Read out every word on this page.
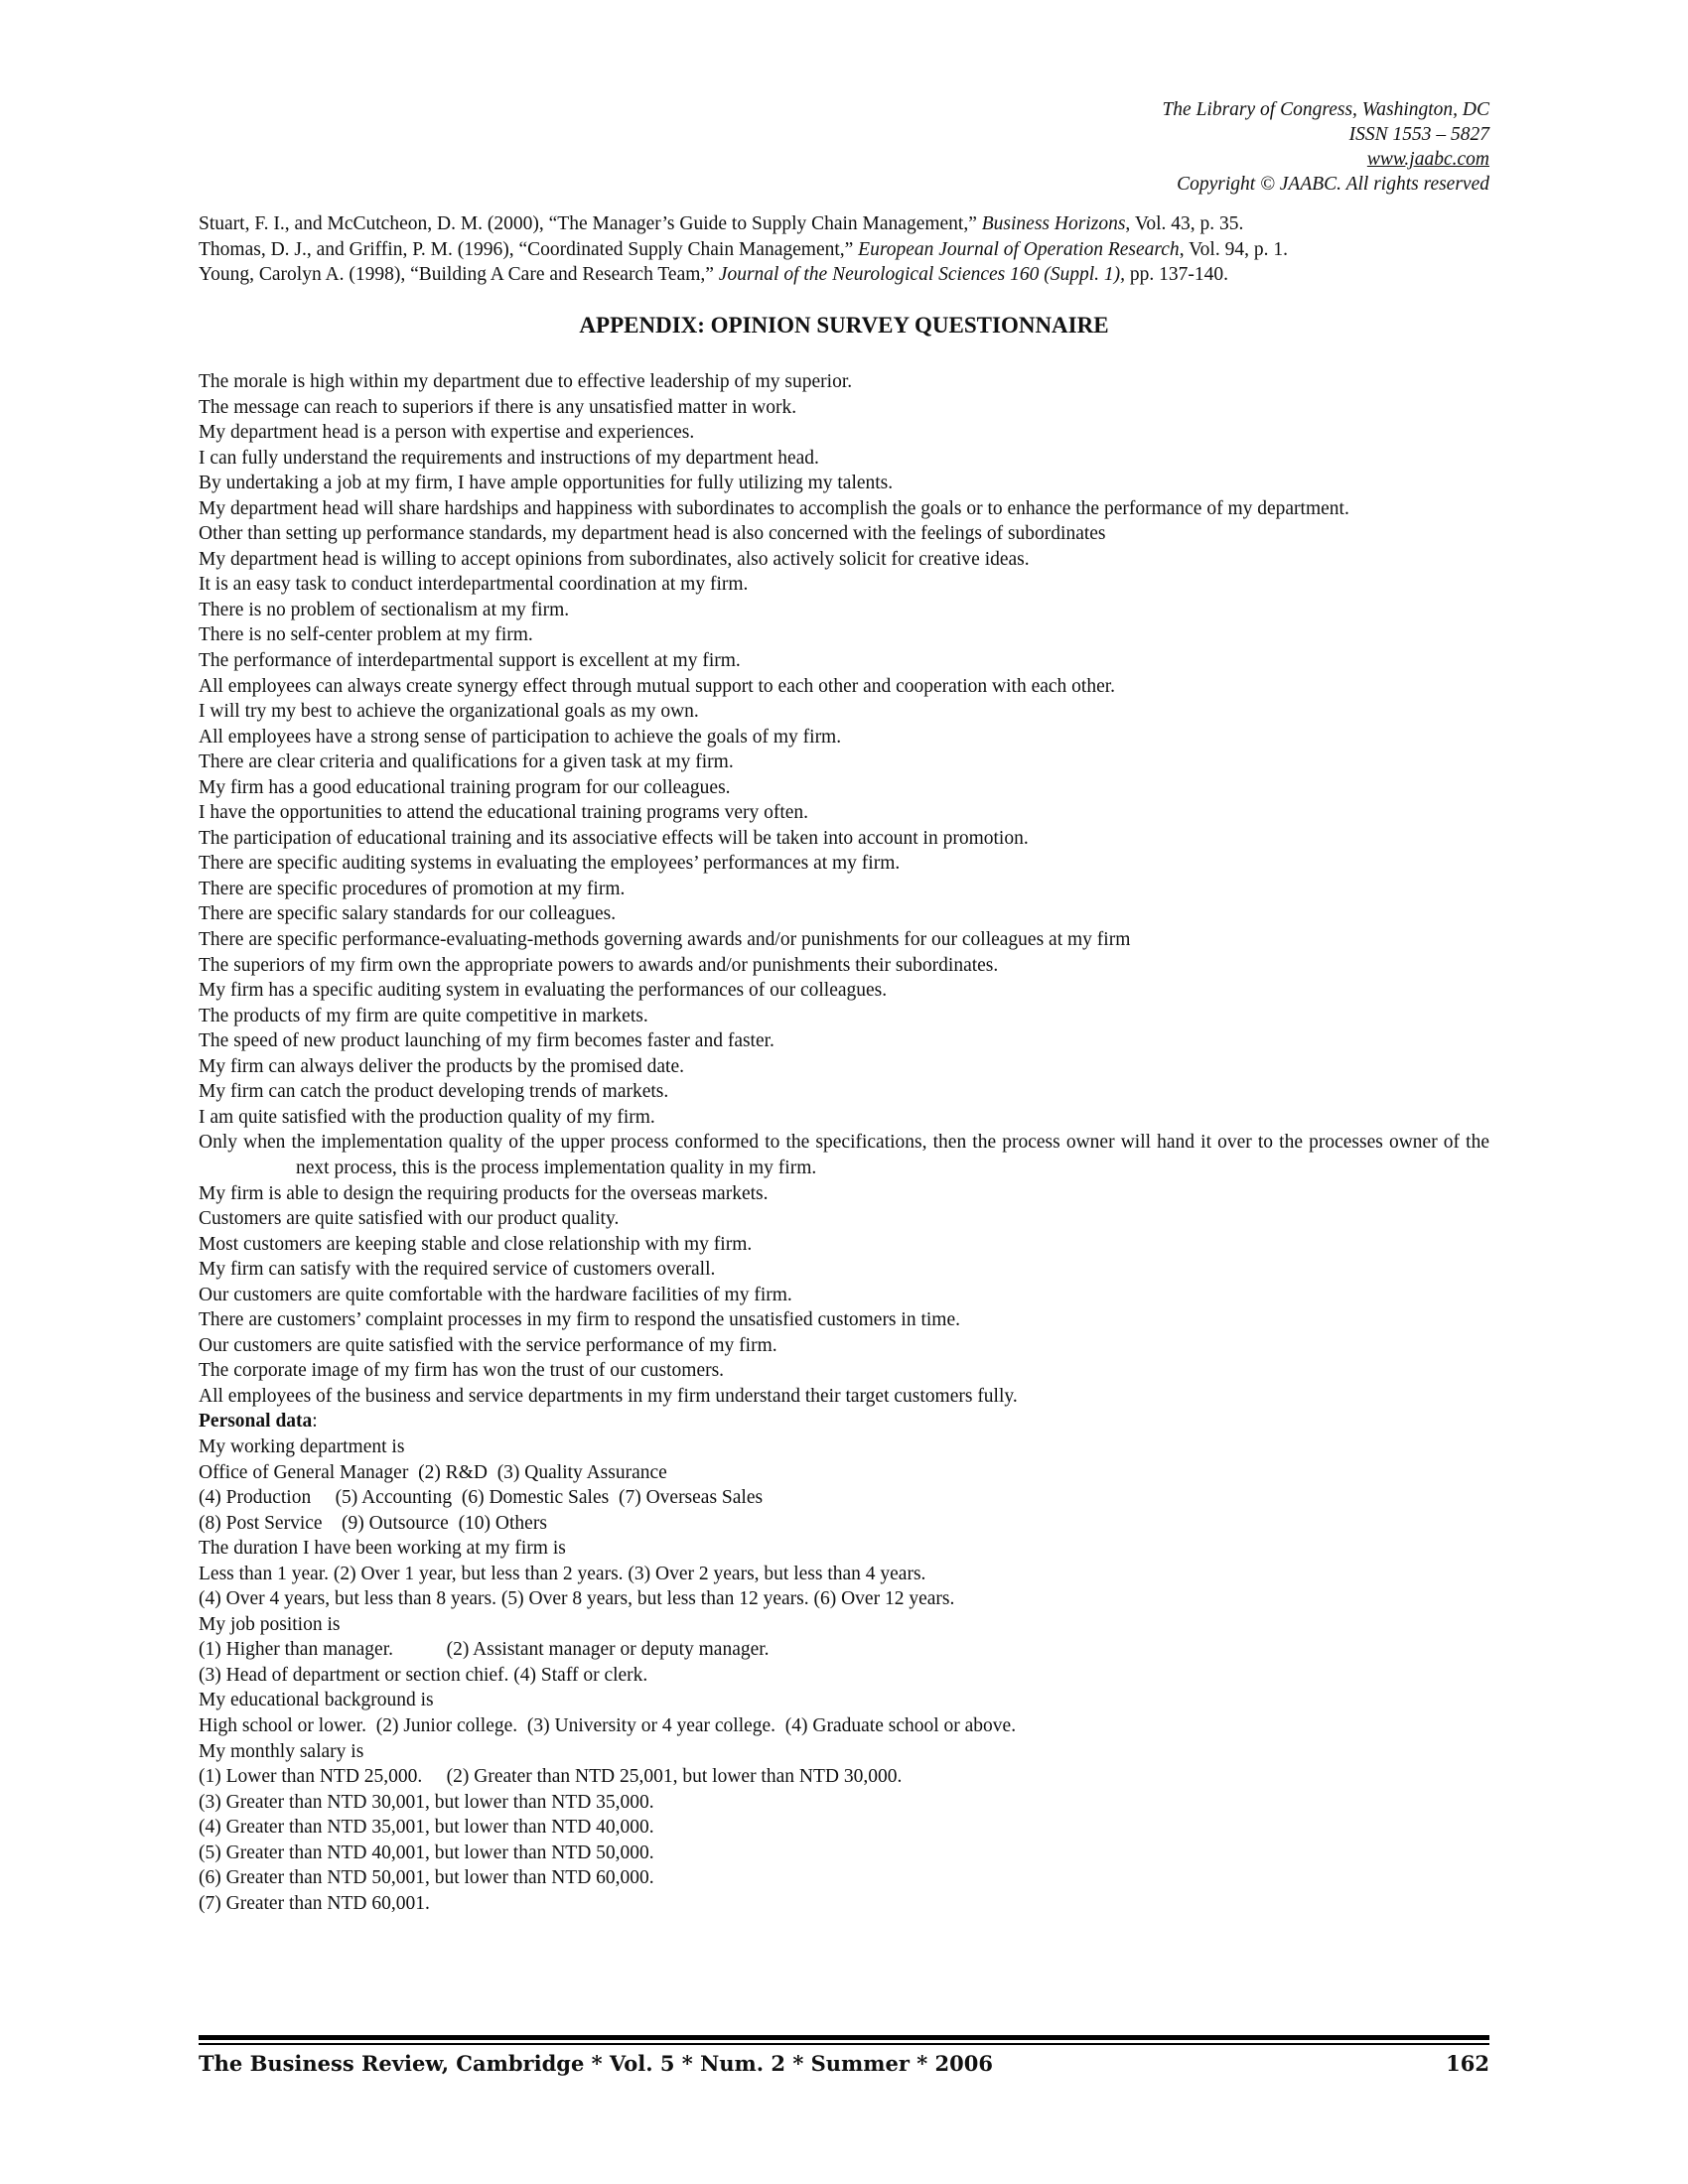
The Library of Congress, Washington, DC
ISSN 1553 – 5827
www.jaabc.com
Copyright © JAABC. All rights reserved

Stuart, F. I., and McCutcheon, D. M. (2000), “The Manager’s Guide to Supply Chain Management,” Business Horizons, Vol. 43, p. 35.

Thomas, D. J., and Griffin, P. M. (1996), “Coordinated Supply Chain Management,” European Journal of Operation Research, Vol. 94, p. 1.

Young, Carolyn A. (1998), “Building A Care and Research Team,” Journal of the Neurological Sciences 160 (Suppl. 1), pp. 137-140.

APPENDIX: OPINION SURVEY QUESTIONNAIRE

The morale is high within my department due to effective leadership of my superior.

The message can reach to superiors if there is any unsatisfied matter in work.

My department head is a person with expertise and experiences.

I can fully understand the requirements and instructions of my department head.

By undertaking a job at my firm, I have ample opportunities for fully utilizing my talents.

My department head will share hardships and happiness with subordinates to accomplish the goals or to enhance the performance of my department.

Other than setting up performance standards, my department head is also concerned with the feelings of subordinates

My department head is willing to accept opinions from subordinates, also actively solicit for creative ideas.

It is an easy task to conduct interdepartmental coordination at my firm.

There is no problem of sectionalism at my firm.

There is no self-center problem at my firm.

The performance of interdepartmental support is excellent at my firm.

All employees can always create synergy effect through mutual support to each other and cooperation with each other.

I will try my best to achieve the organizational goals as my own.

All employees have a strong sense of participation to achieve the goals of my firm.

There are clear criteria and qualifications for a given task at my firm.

My firm has a good educational training program for our colleagues.

I have the opportunities to attend the educational training programs very often.

The participation of educational training and its associative effects will be taken into account in promotion.

There are specific auditing systems in evaluating the employees’ performances at my firm.

There are specific procedures of promotion at my firm.

There are specific salary standards for our colleagues.

There are specific performance-evaluating-methods governing awards and/or punishments for our colleagues at my firm

The superiors of my firm own the appropriate powers to awards and/or punishments their subordinates.

My firm has a specific auditing system in evaluating the performances of our colleagues.

The products of my firm are quite competitive in markets.

The speed of new product launching of my firm becomes faster and faster.

My firm can always deliver the products by the promised date.

My firm can catch the product developing trends of markets.

I am quite satisfied with the production quality of my firm.

Only when the implementation quality of the upper process conformed to the specifications, then the process owner will hand it over to the processes owner of the next process, this is the process implementation quality in my firm.

My firm is able to design the requiring products for the overseas markets.

Customers are quite satisfied with our product quality.

Most customers are keeping stable and close relationship with my firm.

My firm can satisfy with the required service of customers overall.

Our customers are quite comfortable with the hardware facilities of my firm.

There are customers’ complaint processes in my firm to respond the unsatisfied customers in time.

Our customers are quite satisfied with the service performance of my firm.

The corporate image of my firm has won the trust of our customers.

All employees of the business and service departments in my firm understand their target customers fully.

Personal data:

My working department is

Office of General Manager  (2) R&D  (3) Quality Assurance

(4) Production     (5) Accounting  (6) Domestic Sales  (7) Overseas Sales

(8) Post Service    (9) Outsource  (10) Others

The duration I have been working at my firm is

Less than 1 year. (2) Over 1 year, but less than 2 years. (3) Over 2 years, but less than 4 years.

(4) Over 4 years, but less than 8 years. (5) Over 8 years, but less than 12 years. (6) Over 12 years.

My job position is

(1) Higher than manager.           (2) Assistant manager or deputy manager.

(3) Head of department or section chief. (4) Staff or clerk.

My educational background is

High school or lower.  (2) Junior college.  (3) University or 4 year college.  (4) Graduate school or above.

My monthly salary is

(1) Lower than NTD 25,000.     (2) Greater than NTD 25,001, but lower than NTD 30,000.

(3) Greater than NTD 30,001, but lower than NTD 35,000.

(4) Greater than NTD 35,001, but lower than NTD 40,000.

(5) Greater than NTD 40,001, but lower than NTD 50,000.

(6) Greater than NTD 50,001, but lower than NTD 60,000.

(7) Greater than NTD 60,001.

The Business Review, Cambridge * Vol. 5 * Num. 2 * Summer * 2006	162
